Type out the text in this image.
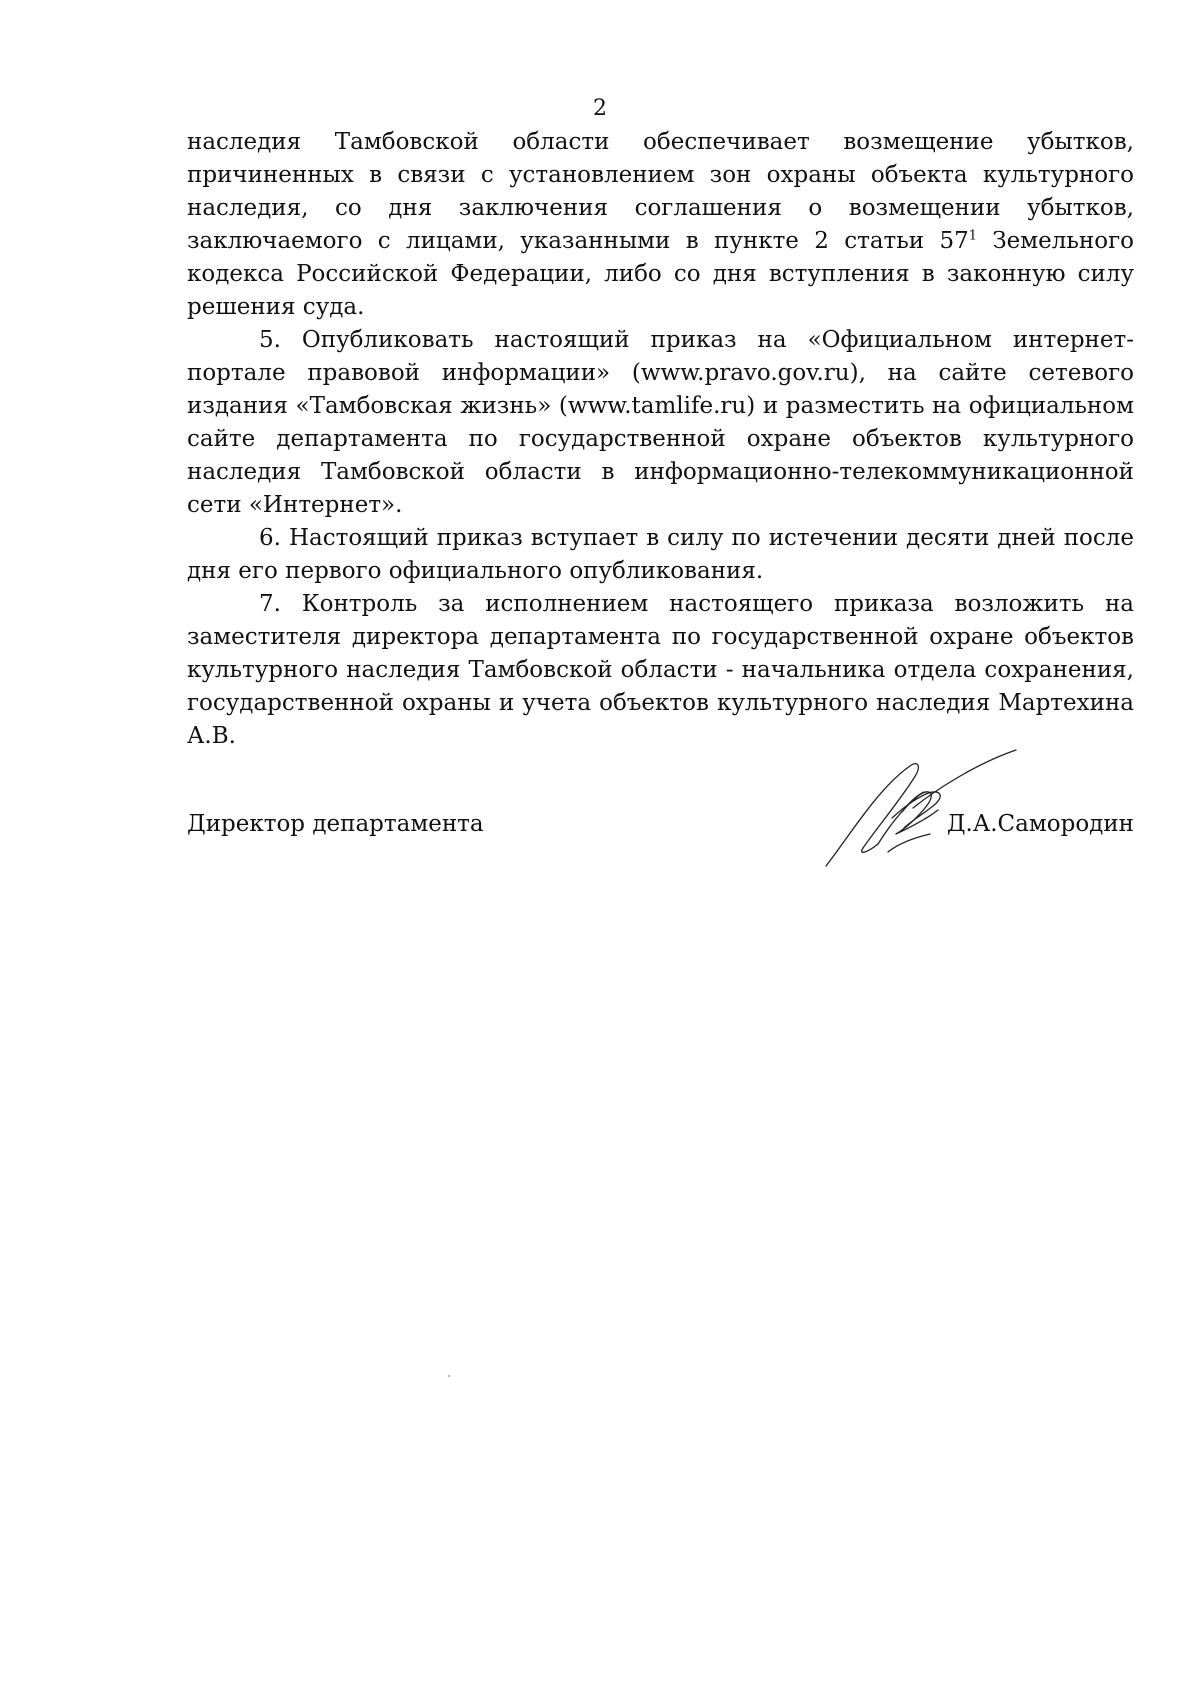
2

наследия Тамбовской области обеспечивает возмещение убытков, причиненных в связи с установлением зон охраны объекта культурного наследия, со дня заключения соглашения о возмещении убытков, заключаемого с лицами, указанными в пункте 2 статьи $57^1$ Земельного кодекса Российской Федерации, либо со дня вступления в законную силу решения суда.

5. Опубликовать настоящий приказ на «Официальном интернет-портале правовой информации» (www.pravo.gov.ru), на сайте сетевого издания «Тамбовская жизнь» (www.tamlife.ru) и разместить на официальном сайте департамента по государственной охране объектов культурного наследия Тамбовской области в информационно-телекоммуникационной сети «Интернет».

6. Настоящий приказ вступает в силу по истечении десяти дней после дня его первого официального опубликования.

7. Контроль за исполнением настоящего приказа возложить на заместителя директора департамента по государственной охране объектов культурного наследия Тамбовской области - начальника отдела сохранения, государственной охраны и учета объектов культурного наследия Мартехина А.В.

Директор департамента	Д.А.Самородин
